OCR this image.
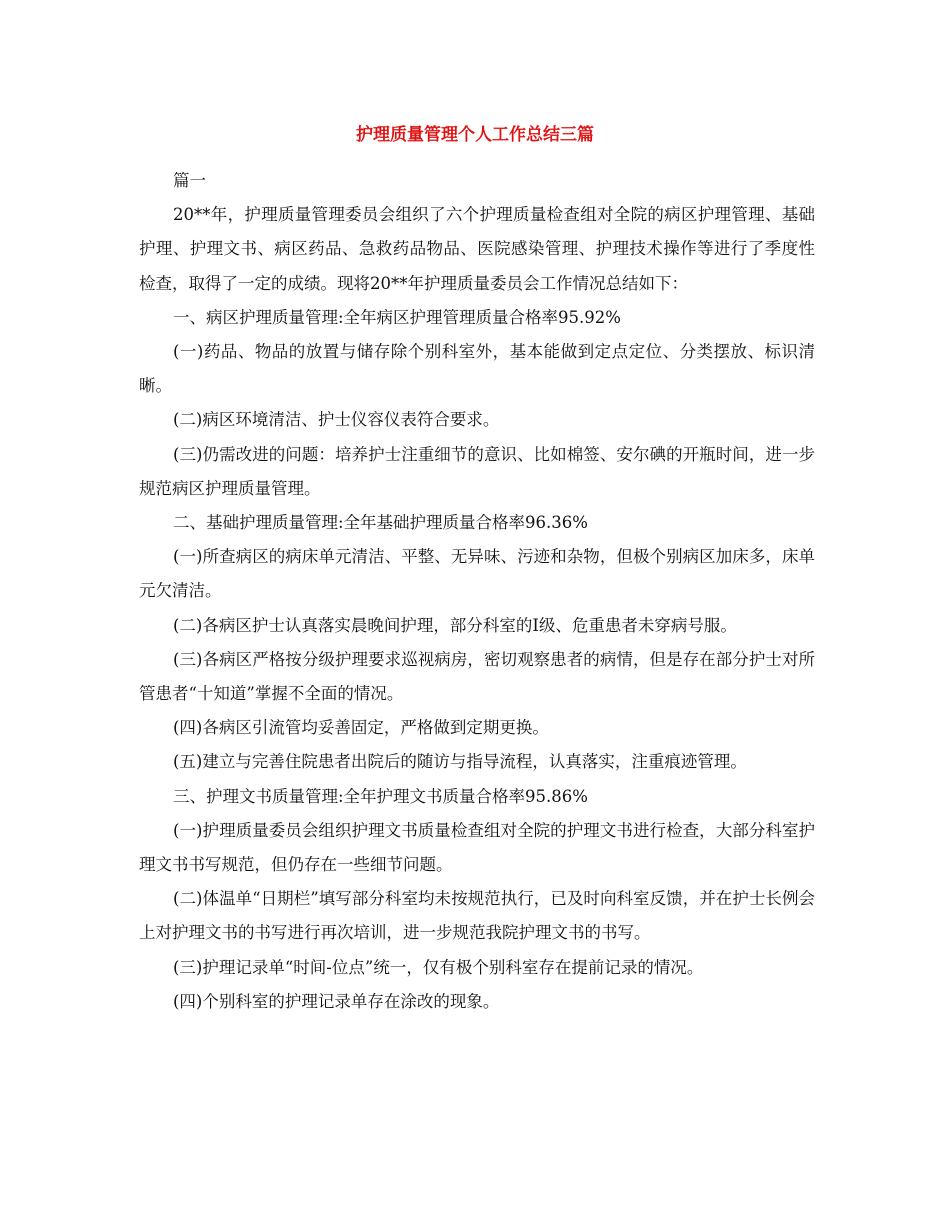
护理质量管理个人工作总结三篇

篇一

20**年，护理质量管理委员会组织了六个护理质量检查组对全院的病区护理管理、基础护理、护理文书、病区药品、急救药品物品、医院感染管理、护理技术操作等进行了季度性检查，取得了一定的成绩。现将20**年护理质量委员会工作情况总结如下：

一、病区护理质量管理:全年病区护理管理质量合格率95.92%

(一)药品、物品的放置与储存除个别科室外，基本能做到定点定位、分类摆放、标识清晰。

(二)病区环境清洁、护士仪容仪表符合要求。

(三)仍需改进的问题：培养护士注重细节的意识、比如棉签、安尔碘的开瓶时间，进一步规范病区护理质量管理。

二、基础护理质量管理:全年基础护理质量合格率96.36%

(一)所查病区的病床单元清洁、平整、无异味、污迹和杂物，但极个别病区加床多，床单元欠清洁。

(二)各病区护士认真落实晨晚间护理，部分科室的Ⅰ级、危重患者未穿病号服。

(三)各病区严格按分级护理要求巡视病房，密切观察患者的病情，但是存在部分护士对所管患者“十知道”掌握不全面的情况。

(四)各病区引流管均妥善固定，严格做到定期更换。

(五)建立与完善住院患者出院后的随访与指导流程，认真落实，注重痕迹管理。

三、护理文书质量管理:全年护理文书质量合格率95.86%

(一)护理质量委员会组织护理文书质量检查组对全院的护理文书进行检查，大部分科室护理文书书写规范，但仍存在一些细节问题。

(二)体温单“日期栏”填写部分科室均未按规范执行，已及时向科室反馈，并在护士长例会上对护理文书的书写进行再次培训，进一步规范我院护理文书的书写。

(三)护理记录单“时间-位点”统一，仅有极个别科室存在提前记录的情况。

(四)个别科室的护理记录单存在涂改的现象。
